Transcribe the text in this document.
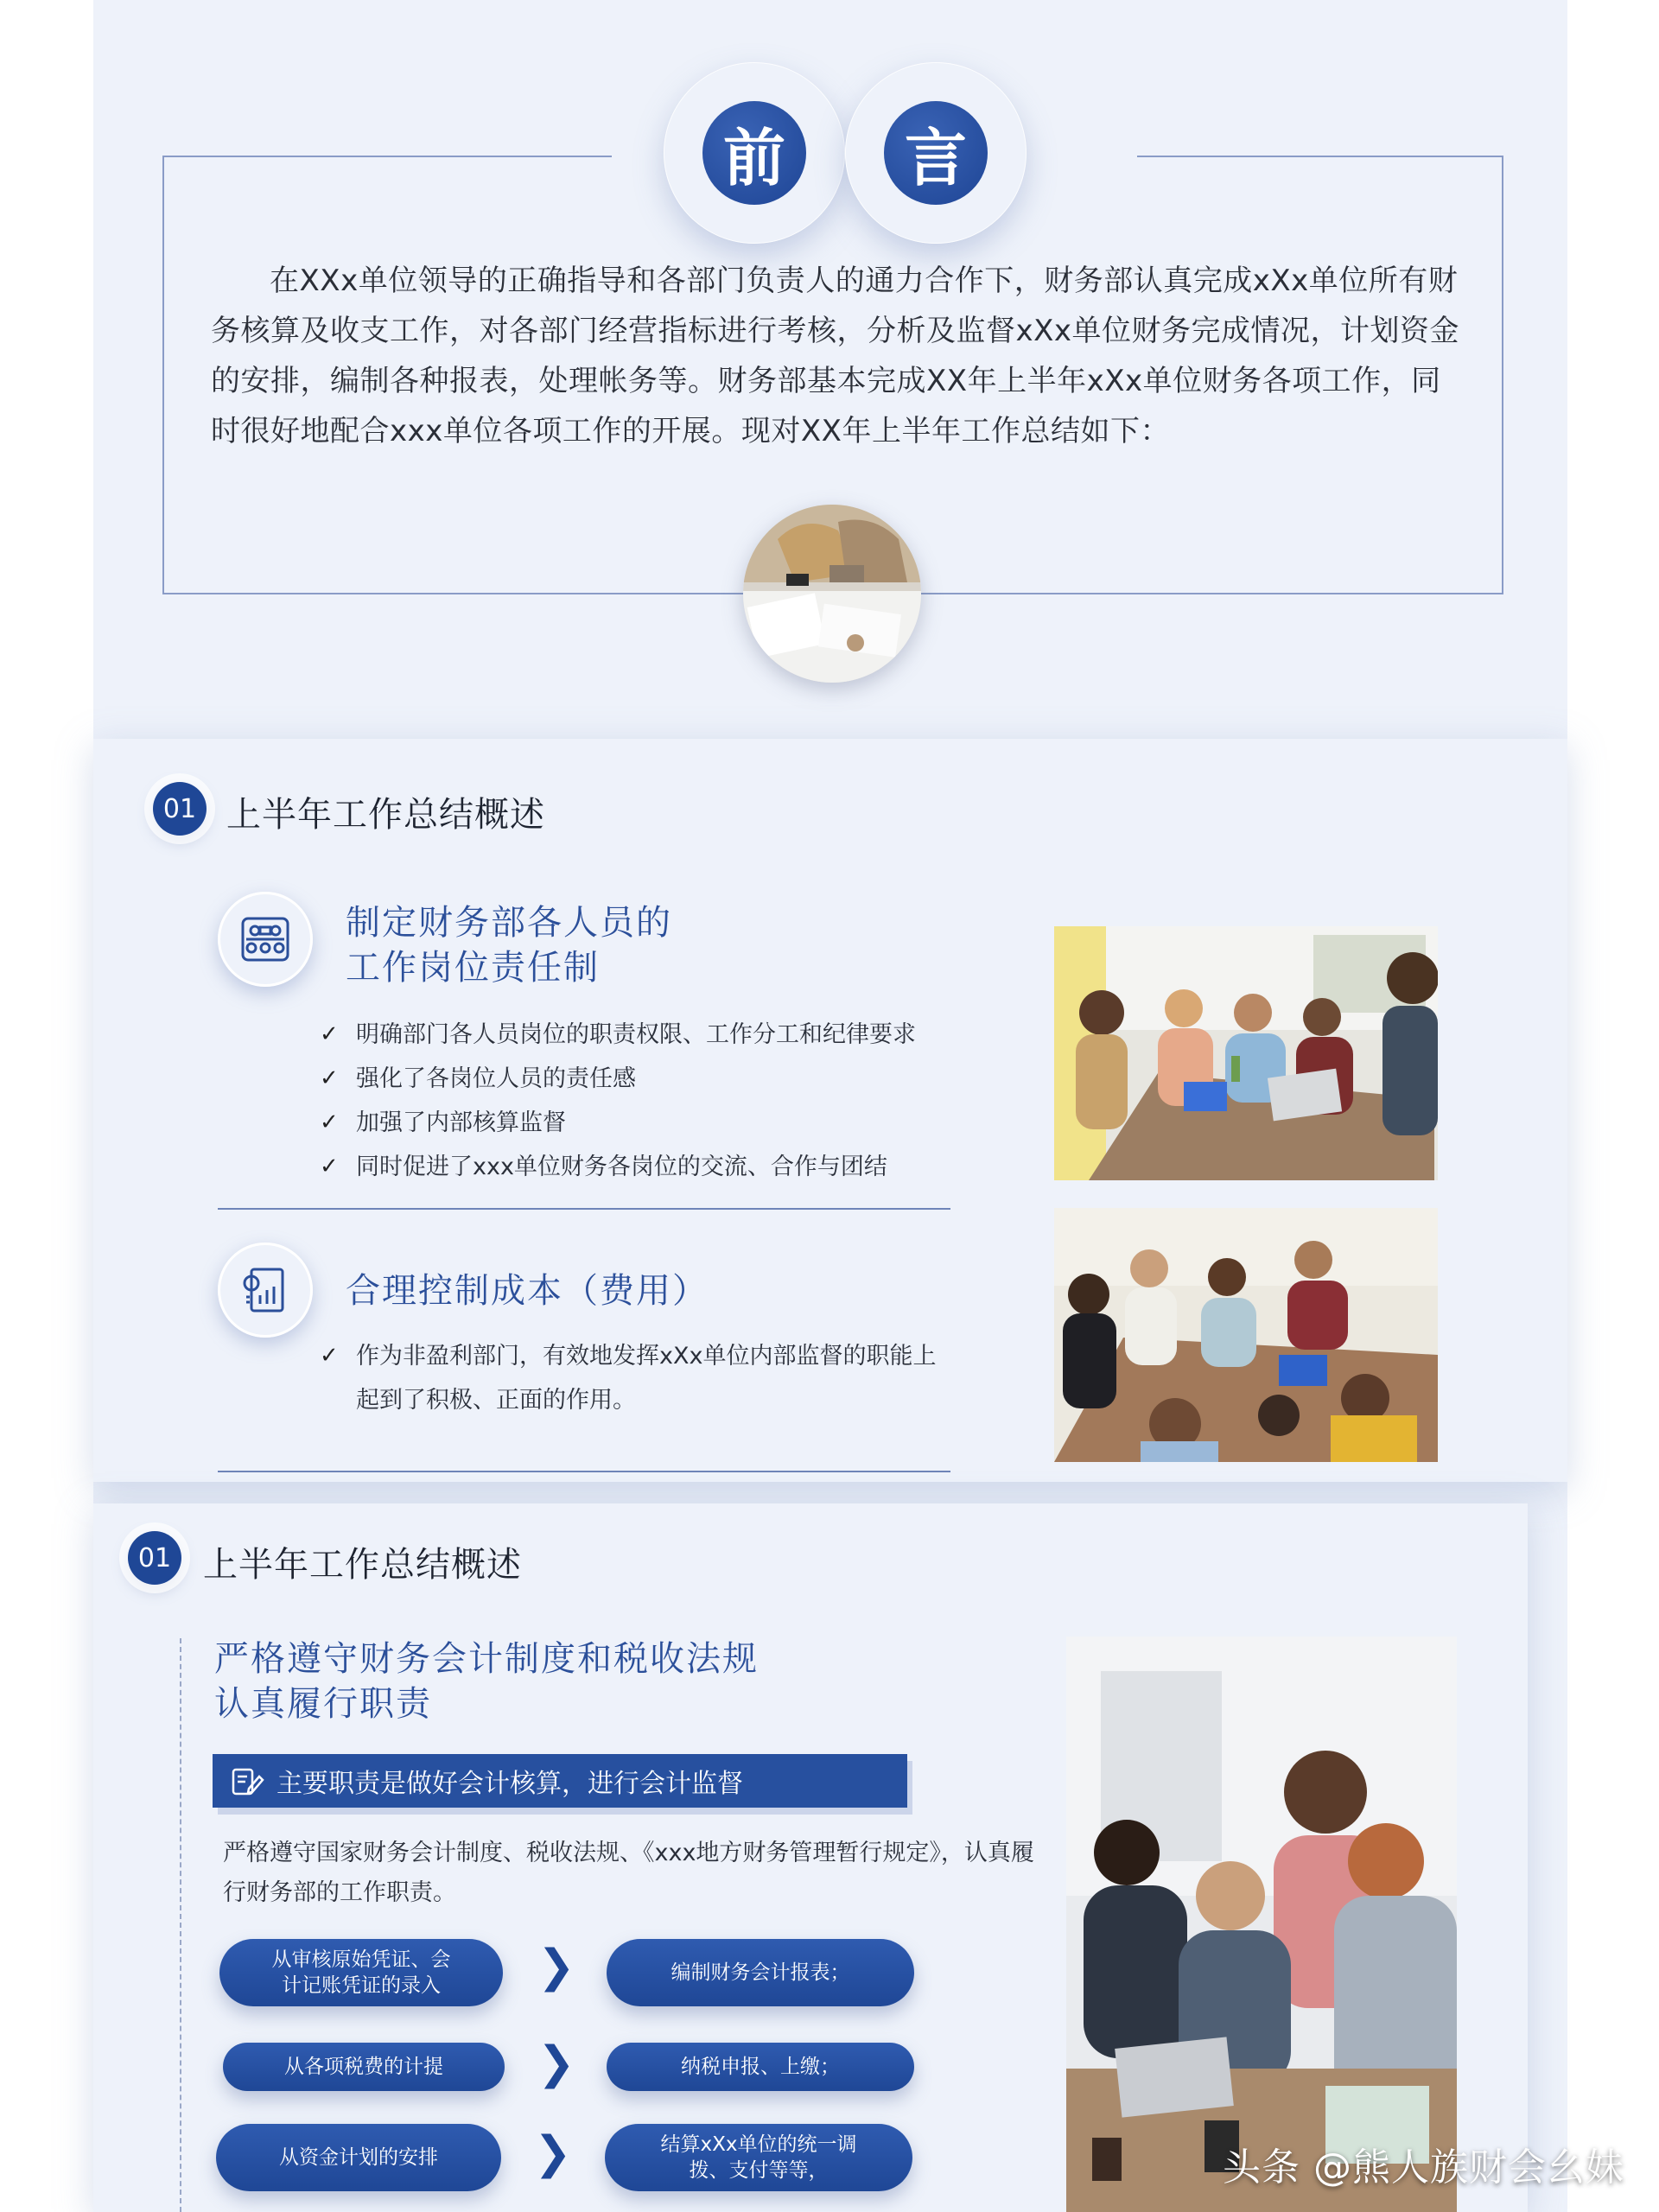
前	言

在XXx单位领导的正确指导和各部门负责人的通力合作下，财务部认真完成xXx单位所有财务核算及收支工作，对各部门经营指标进行考核，分析及监督xXx单位财务完成情况，计划资金的安排，编制各种报表，处理帐务等。财务部基本完成XX年上半年xXx单位财务各项工作，同时很好地配合xxx单位各项工作的开展。现对XX年上半年工作总结如下：

01 上半年工作总结概述
制定财务部各人员的
工作岗位责任制
✓ 明确部门各人员岗位的职责权限、工作分工和纪律要求
✓ 强化了各岗位人员的责任感
✓ 加强了内部核算监督
✓ 同时促进了xxx单位财务各岗位的交流、合作与团结
合理控制成本（费用）
✓ 作为非盈利部门，有效地发挥xXx单位内部监督的职能上
起到了积极、正面的作用。
01 上半年工作总结概述
严格遵守财务会计制度和税收法规
认真履行职责
主要职责是做好会计核算，进行会计监督

严格遵守国家财务会计制度、税收法规、《xxx地方财务管理暂行规定》，认真履行财务部的工作职责。

从审核原始凭证、会
计记账凭证的录入 ❯	编制财务会计报表；
从各项税费的计提	❯	纳税申报、上缴；
从资金计划的安排	❯	结算xXx单位的统一调
拨、支付等等，	头条 @熊人族财会幺妹
